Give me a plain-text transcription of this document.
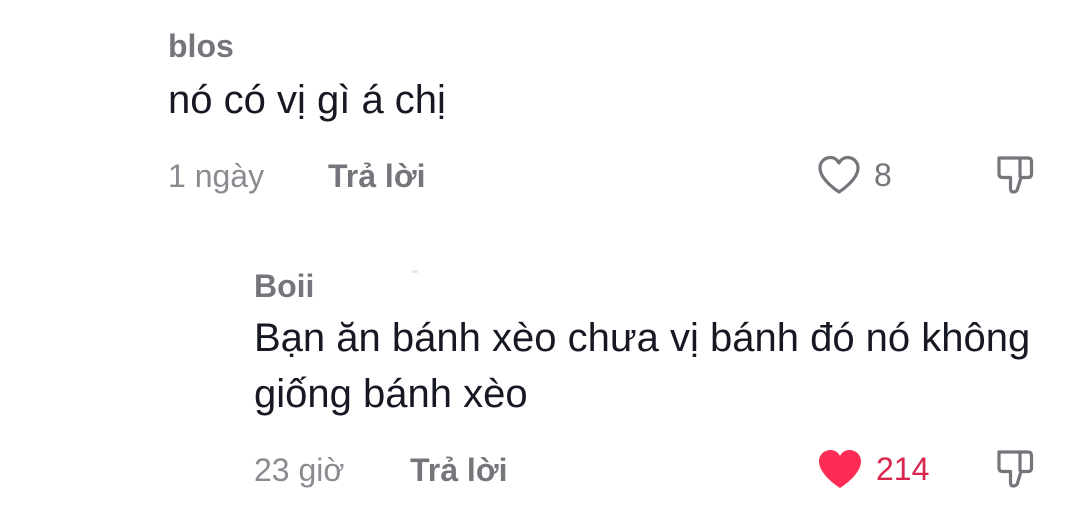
blos
nó có vị gì á chị
1 ngày Trả lời	8
Boii
Bạn ăn bánh xèo chưa vị bánh đó nó không giống bánh xèo
23 giờ Trả lời	214
